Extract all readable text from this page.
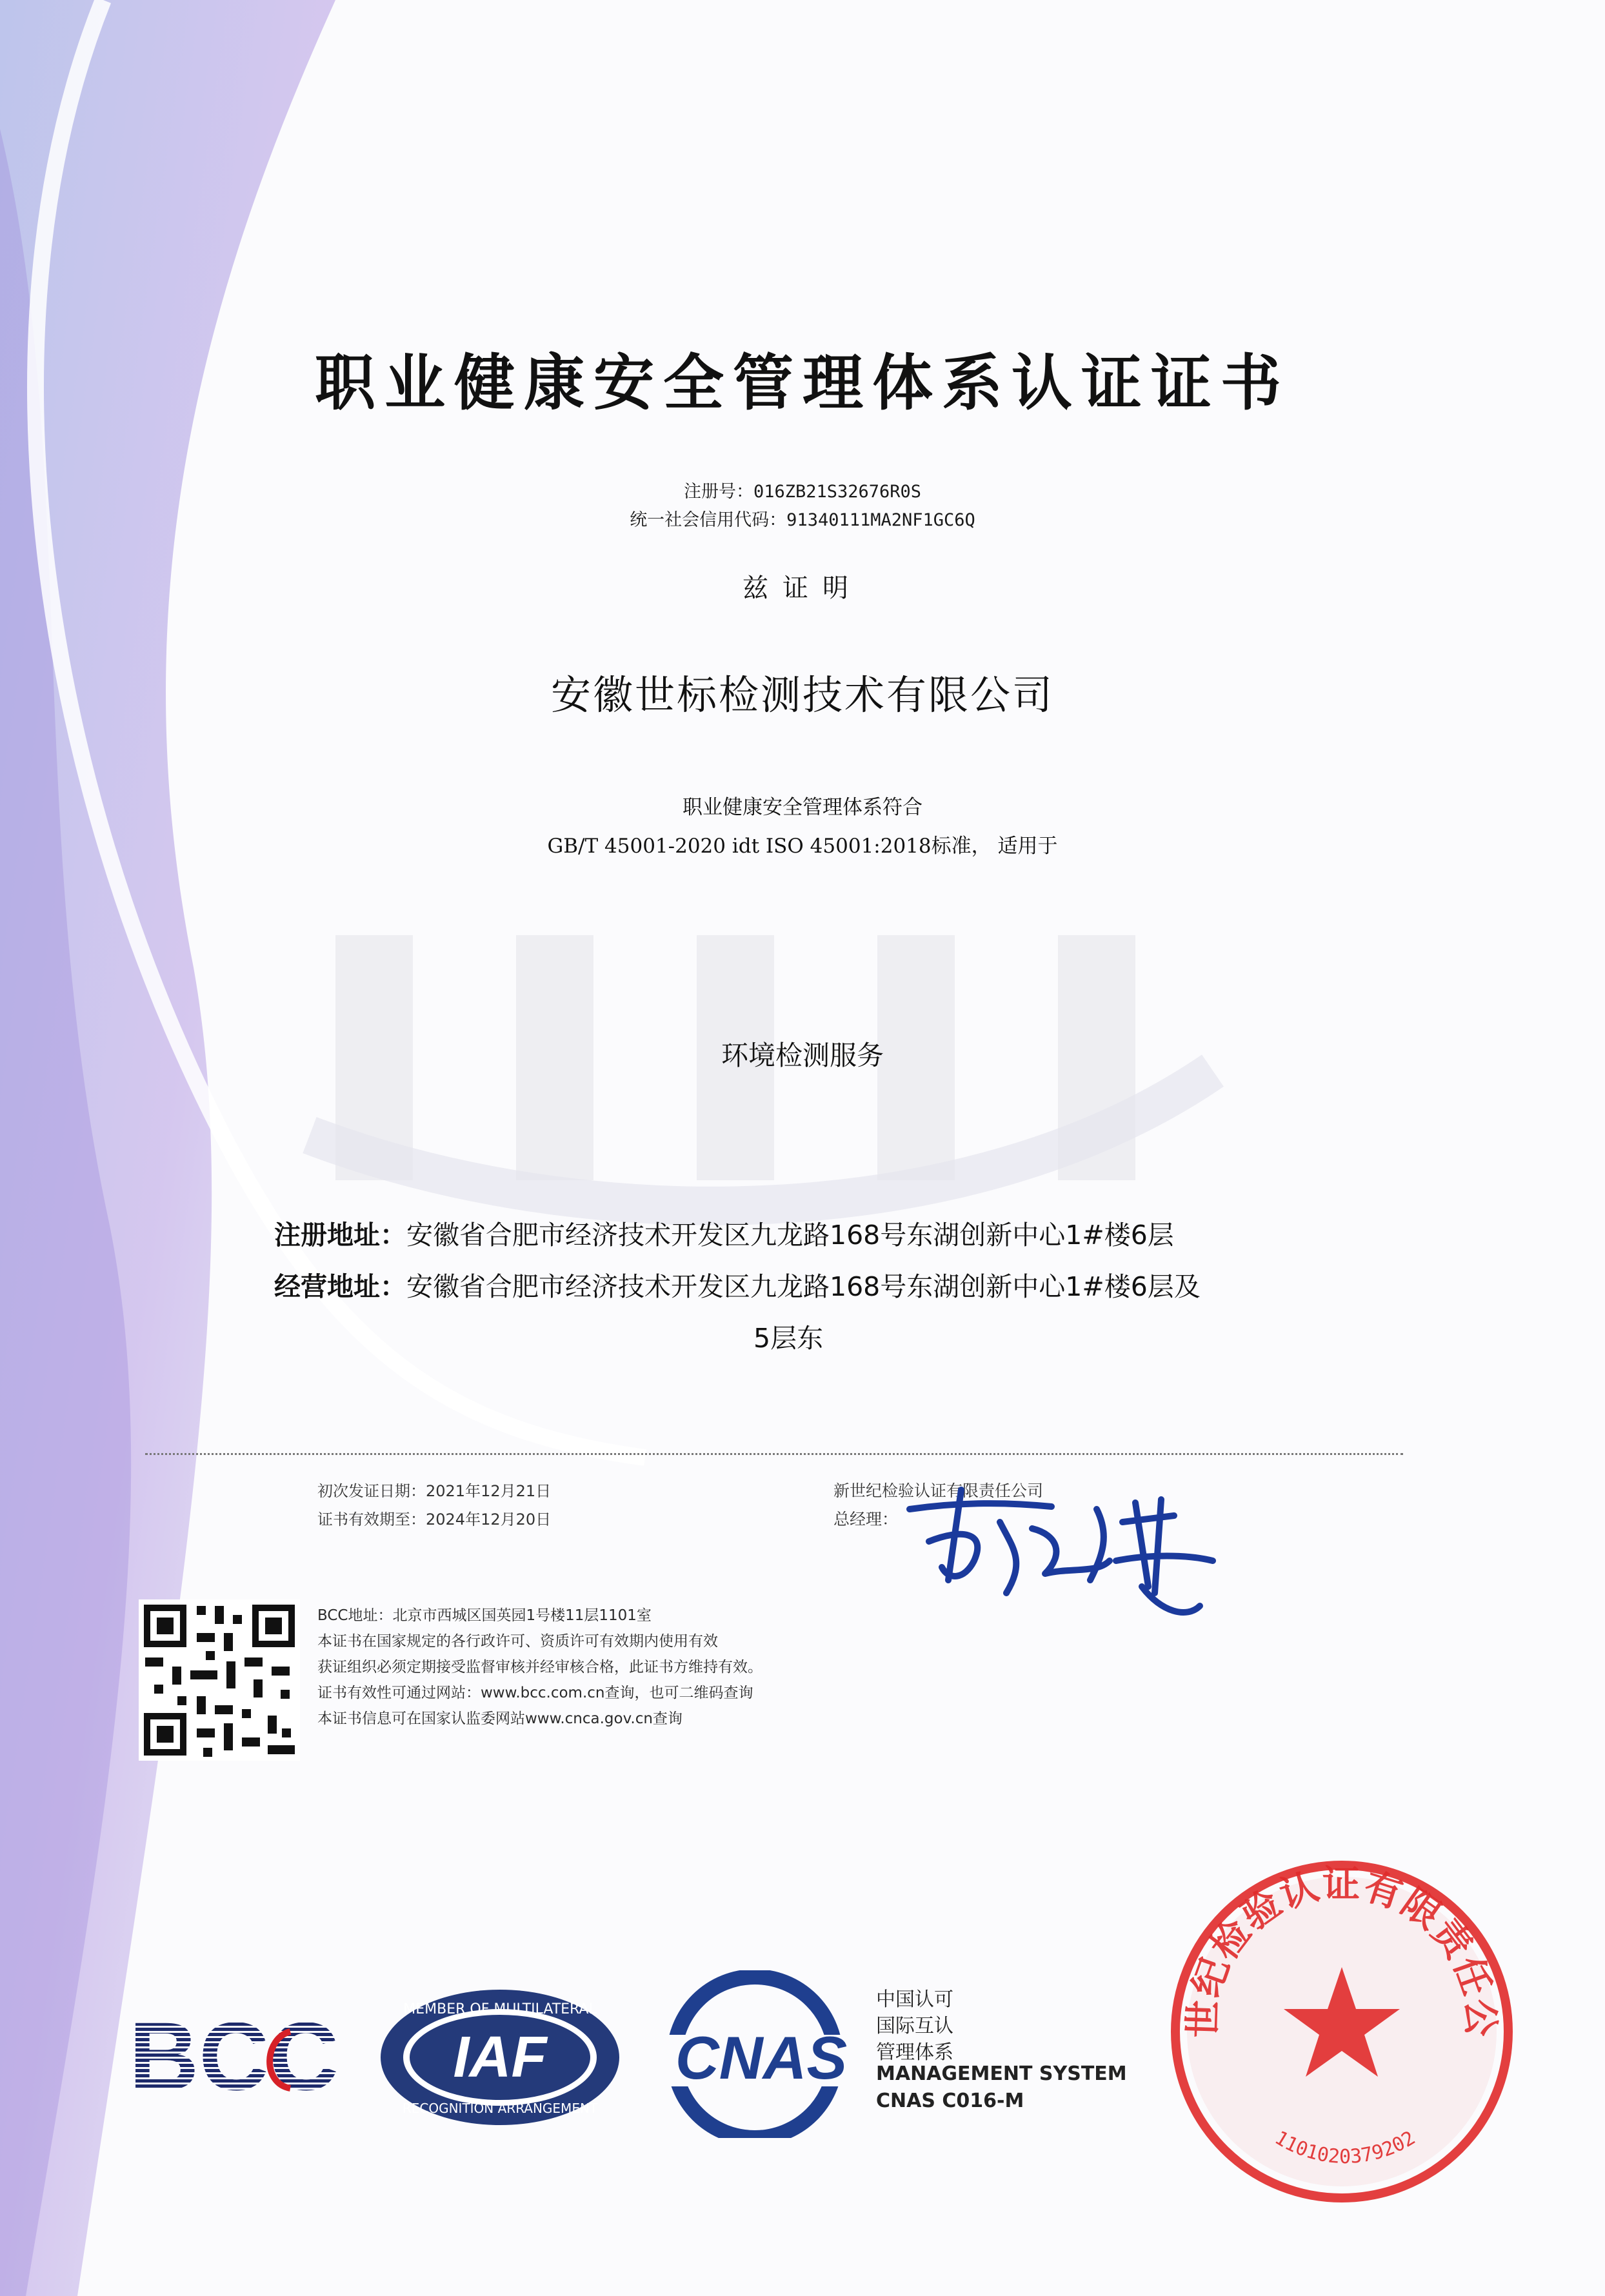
职业健康安全管理体系认证证书
注册号：016ZB21S32676R0S
统一社会信用代码：91340111MA2NF1GC6Q
兹证明
安徽世标检测技术有限公司
职业健康安全管理体系符合
GB/T 45001-2020 idt ISO 45001:2018标准， 适用于
环境检测服务
注册地址：安徽省合肥市经济技术开发区九龙路168号东湖创新中心1#楼6层
经营地址：安徽省合肥市经济技术开发区九龙路168号东湖创新中心1#楼6层及
5层东
初次发证日期：2021年12月21日
证书有效期至：2024年12月20日
新世纪检验认证有限责任公司
总经理：
BCC地址：北京市西城区国英园1号楼11层1101室
本证书在国家规定的各行政许可、资质许可有效期内使用有效
获证组织必须定期接受监督审核并经审核合格，此证书方维持有效。
证书有效性可通过网站：www.bcc.com.cn查询，也可二维码查询
本证书信息可在国家认监委网站www.cnca.gov.cn查询
BCC	MEMBER OF MULTILATERAL
RECOGNITION ARRANGEMENT
IAF CNAS
中国认可
国际互认
管理体系
MANAGEMENT SYSTEM
CNAS C016-M
世纪检验认证有限责任公
1101020379202
